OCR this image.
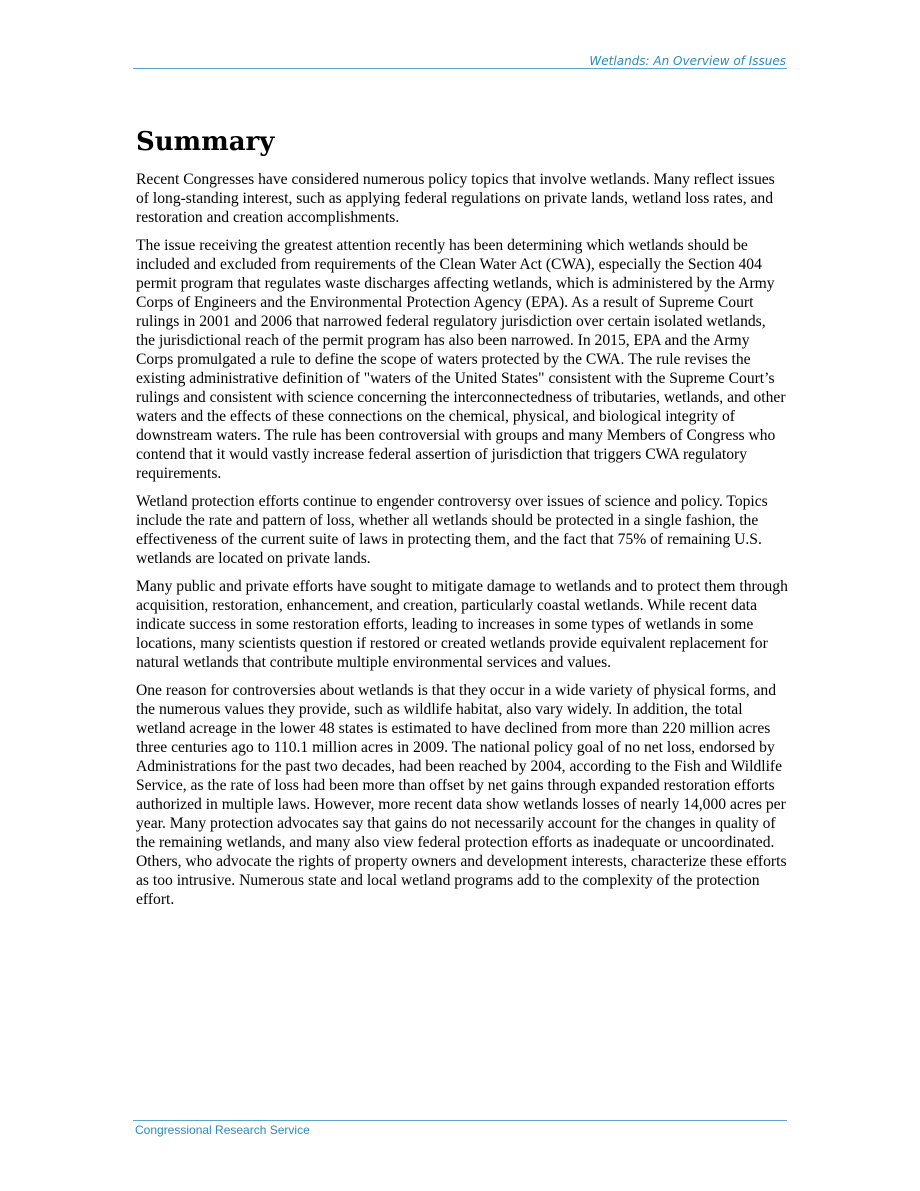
Wetlands: An Overview of Issues
Summary

Recent Congresses have considered numerous policy topics that involve wetlands. Many reflect issues of long-standing interest, such as applying federal regulations on private lands, wetland loss rates, and restoration and creation accomplishments.

The issue receiving the greatest attention recently has been determining which wetlands should be included and excluded from requirements of the Clean Water Act (CWA), especially the Section 404 permit program that regulates waste discharges affecting wetlands, which is administered by the Army Corps of Engineers and the Environmental Protection Agency (EPA). As a result of Supreme Court rulings in 2001 and 2006 that narrowed federal regulatory jurisdiction over certain isolated wetlands, the jurisdictional reach of the permit program has also been narrowed. In 2015, EPA and the Army Corps promulgated a rule to define the scope of waters protected by the CWA. The rule revises the existing administrative definition of "waters of the United States" consistent with the Supreme Court’s rulings and consistent with science concerning the interconnectedness of tributaries, wetlands, and other waters and the effects of these connections on the chemical, physical, and biological integrity of downstream waters. The rule has been controversial with groups and many Members of Congress who contend that it would vastly increase federal assertion of jurisdiction that triggers CWA regulatory requirements.

Wetland protection efforts continue to engender controversy over issues of science and policy. Topics include the rate and pattern of loss, whether all wetlands should be protected in a single fashion, the effectiveness of the current suite of laws in protecting them, and the fact that 75% of remaining U.S. wetlands are located on private lands.

Many public and private efforts have sought to mitigate damage to wetlands and to protect them through acquisition, restoration, enhancement, and creation, particularly coastal wetlands. While recent data indicate success in some restoration efforts, leading to increases in some types of wetlands in some locations, many scientists question if restored or created wetlands provide equivalent replacement for natural wetlands that contribute multiple environmental services and values.

One reason for controversies about wetlands is that they occur in a wide variety of physical forms, and the numerous values they provide, such as wildlife habitat, also vary widely. In addition, the total wetland acreage in the lower 48 states is estimated to have declined from more than 220 million acres three centuries ago to 110.1 million acres in 2009. The national policy goal of no net loss, endorsed by Administrations for the past two decades, had been reached by 2004, according to the Fish and Wildlife Service, as the rate of loss had been more than offset by net gains through expanded restoration efforts authorized in multiple laws. However, more recent data show wetlands losses of nearly 14,000 acres per year. Many protection advocates say that gains do not necessarily account for the changes in quality of the remaining wetlands, and many also view federal protection efforts as inadequate or uncoordinated. Others, who advocate the rights of property owners and development interests, characterize these efforts as too intrusive. Numerous state and local wetland programs add to the complexity of the protection effort.

Congressional Research Service
